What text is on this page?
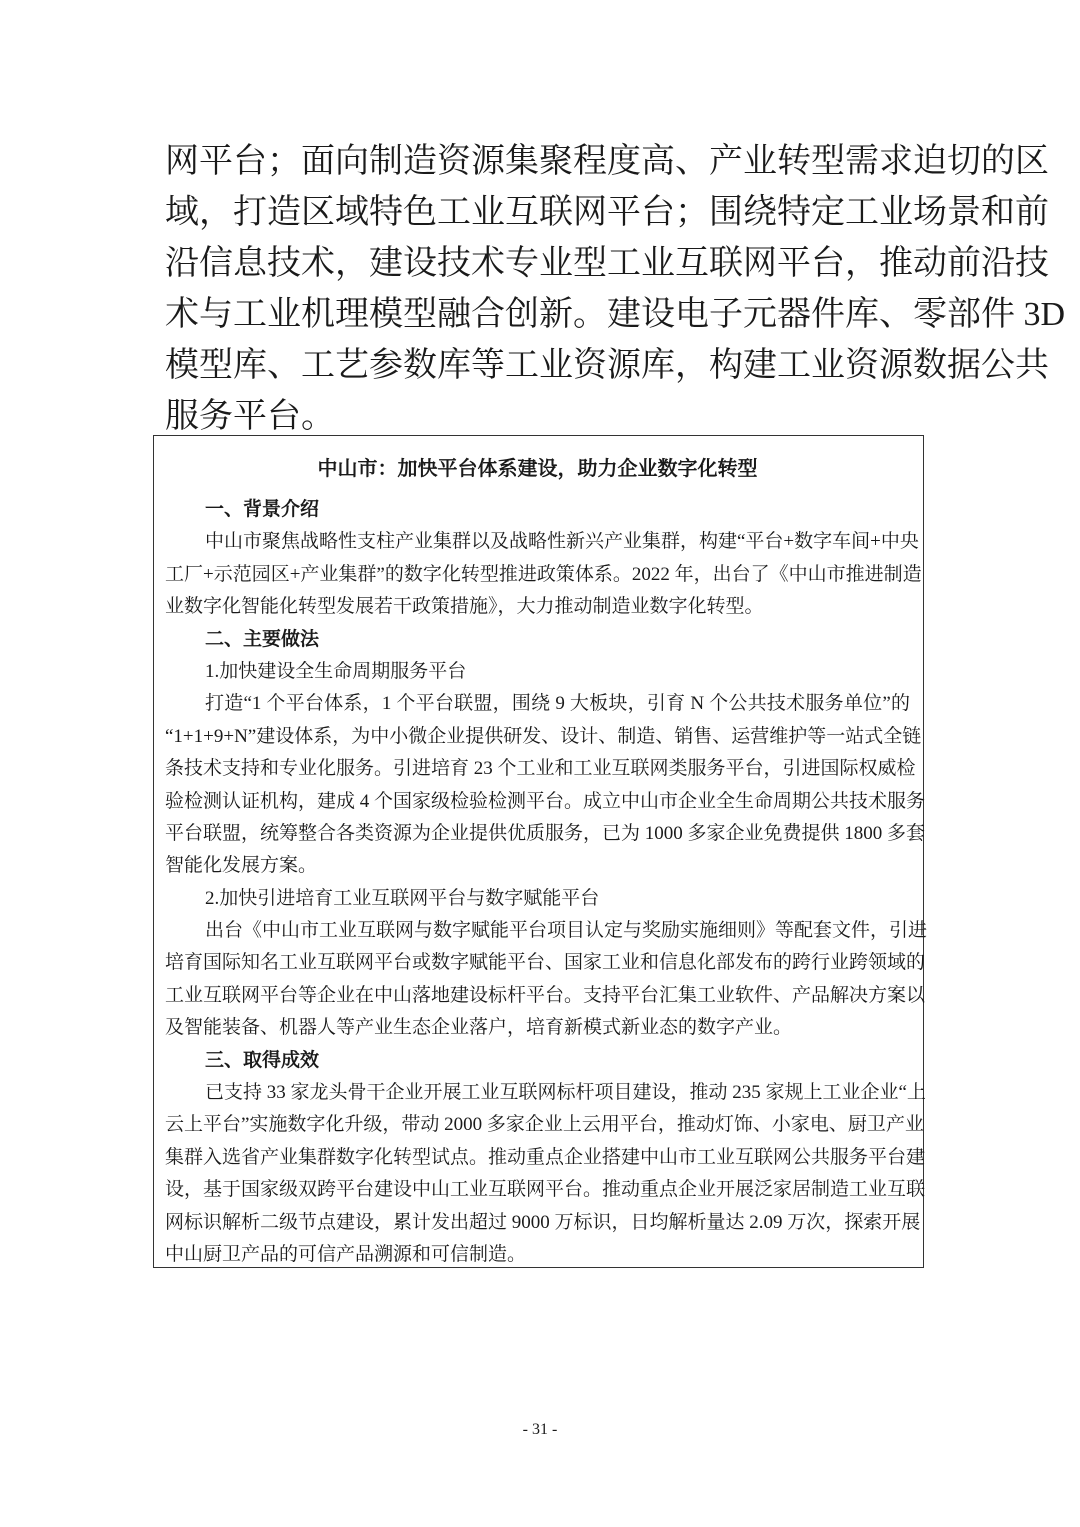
网平台；面向制造资源集聚程度高、产业转型需求迫切的区
域，打造区域特色工业互联网平台；围绕特定工业场景和前
沿信息技术，建设技术专业型工业互联网平台，推动前沿技
术与工业机理模型融合创新。建设电子元器件库、零部件 3D
模型库、工艺参数库等工业资源库，构建工业资源数据公共
服务平台。
中山市：加快平台体系建设，助力企业数字化转型
一、背景介绍
中山市聚焦战略性支柱产业集群以及战略性新兴产业集群，构建“平台+数字车间+中央
工厂+示范园区+产业集群”的数字化转型推进政策体系。2022 年，出台了《中山市推进制造
业数字化智能化转型发展若干政策措施》，大力推动制造业数字化转型。
二、主要做法
1.加快建设全生命周期服务平台
打造“1 个平台体系，1 个平台联盟，围绕 9 大板块，引育 N 个公共技术服务单位”的
“1+1+9+N”建设体系，为中小微企业提供研发、设计、制造、销售、运营维护等一站式全链
条技术支持和专业化服务。引进培育 23 个工业和工业互联网类服务平台，引进国际权威检
验检测认证机构，建成 4 个国家级检验检测平台。成立中山市企业全生命周期公共技术服务
平台联盟，统筹整合各类资源为企业提供优质服务，已为 1000 多家企业免费提供 1800 多套
智能化发展方案。
2.加快引进培育工业互联网平台与数字赋能平台
出台《中山市工业互联网与数字赋能平台项目认定与奖励实施细则》等配套文件，引进
培育国际知名工业互联网平台或数字赋能平台、国家工业和信息化部发布的跨行业跨领域的
工业互联网平台等企业在中山落地建设标杆平台。支持平台汇集工业软件、产品解决方案以
及智能装备、机器人等产业生态企业落户，培育新模式新业态的数字产业。
三、取得成效
已支持 33 家龙头骨干企业开展工业互联网标杆项目建设，推动 235 家规上工业企业“上
云上平台”实施数字化升级，带动 2000 多家企业上云用平台，推动灯饰、小家电、厨卫产业
集群入选省产业集群数字化转型试点。推动重点企业搭建中山市工业互联网公共服务平台建
设，基于国家级双跨平台建设中山工业互联网平台。推动重点企业开展泛家居制造工业互联
网标识解析二级节点建设，累计发出超过 9000 万标识，日均解析量达 2.09 万次，探索开展
中山厨卫产品的可信产品溯源和可信制造。
- 31 -
